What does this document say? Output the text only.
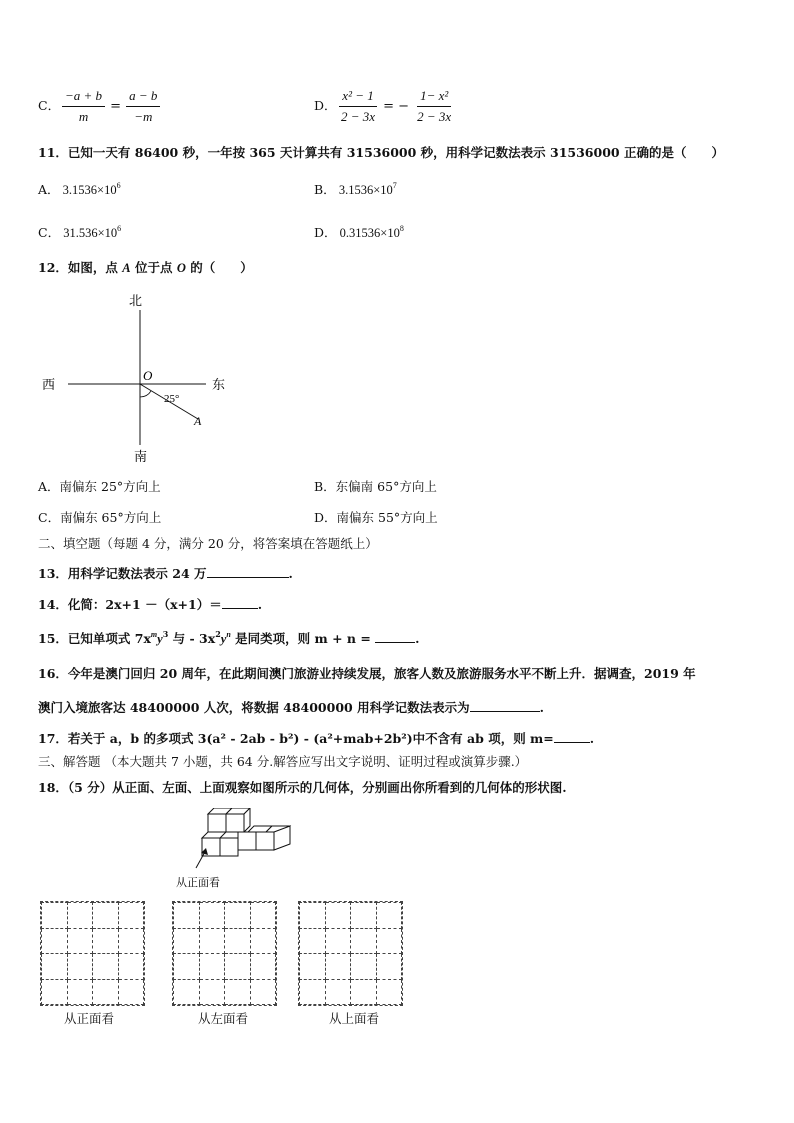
C． $\frac{-a + b}{m} = \frac{a - b}{-m}$	D． $\frac{\text{x² − 1}}{2 - 3x}$ = − $\frac{\text{1− x²}}{2 - 3x}$
11．已知一天有 86400 秒，一年按 365 天计算共有 31536000 秒，用科学记数法表示 31536000 正确的是（　　）
A． $3.1536\times 10^6$	B． $3.1536\times 10^7$
C． $31.536\times 10^6$	D． $0.31536\times 10^8$
12．如图，点 A 位于点 O 的（　　）
北
南
西	东
O
25°
A
A．南偏东 25°方向上	B．东偏南 65°方向上
C．南偏东 65°方向上	D．南偏东 55°方向上
二、填空题（每题 4 分，满分 20 分，将答案填在答题纸上）
13．用科学记数法表示 24 万	.
14．化简：2x+1 －（x+1）＝	.
15．已知单项式 $7x^my^3$ 与 - $3x^2y^n$ 是同类项，则 m + n =	.
16．今年是澳门回归 20 周年，在此期间澳门旅游业持续发展，旅客人数及旅游服务水平不断上升．据调查，2019 年
澳门入境旅客达 48400000 人次，将数据 48400000 用科学记数法表示为	.
17．若关于 a，b 的多项式 3(a² - 2ab - b²) - (a²+mab+2b²)中不含有 ab 项，则 m=	.
三、解答题 （本大题共 7 小题，共 64 分.解答应写出文字说明、证明过程或演算步骤.）
18．（5 分）从正面、左面、上面观察如图所示的几何体，分别画出你所看到的几何体的形状图.
从正面看

从正面看	从左面看	从上面看
